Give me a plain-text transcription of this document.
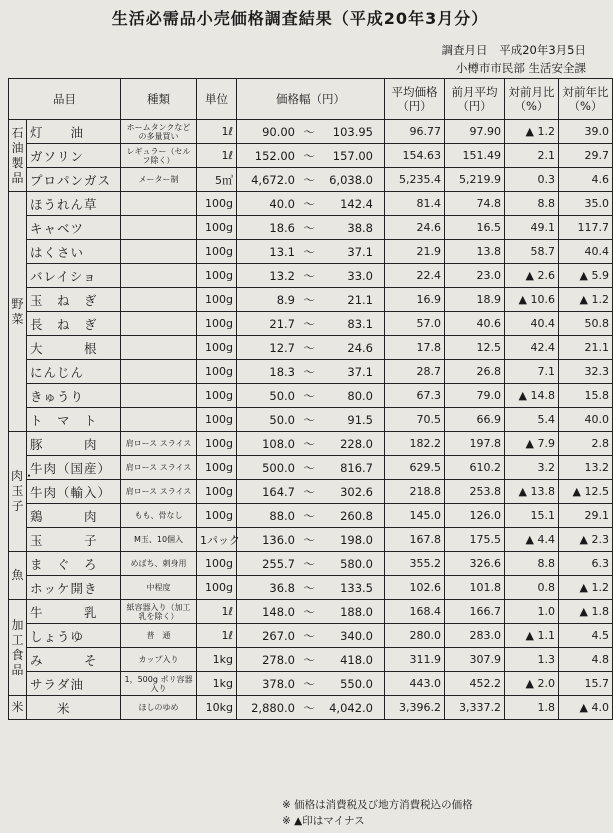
生活必需品小売価格調査結果（平成20年3月分）
調査月日 平成20年3月5日
小樽市市民部 生活安全課
品目		種類	単位	価格幅（円）	平均価格（円）	前月平均（円）	対前月比（%）	対前年比（%）
石油製品	灯　　油	ホームタンクなどの多量買い	1ℓ	90.00 ～ 103.95	96.77	97.90	▲ 1.2	39.0
	ガソリン	レギュラー（セルフ除く）	1ℓ	152.00 ～ 157.00	154.63	151.49	2.1	29.7
	プロパンガス	メーター制	5㎥	4,672.0 ～ 6,038.0	5,235.4	5,219.9	0.3	4.6
野菜	ほうれん草		100g	40.0 ～ 142.4	81.4	74.8	8.8	35.0
	キャベツ		100g	18.6 ～ 38.8	24.6	16.5	49.1	117.7
	はくさい		100g	13.1 ～ 37.1	21.9	13.8	58.7	40.4
	バレイショ		100g	13.2 ～ 33.0	22.4	23.0	▲ 2.6	▲ 5.9
	玉　ね　ぎ		100g	8.9 ～ 21.1	16.9	18.9	▲ 10.6	▲ 1.2
	長　ね　ぎ		100g	21.7 ～ 83.1	57.0	40.6	40.4	50.8
	大　　　根		100g	12.7 ～ 24.6	17.8	12.5	42.4	21.1
	にんじん		100g	18.3 ～ 37.1	28.7	26.8	7.1	32.3
	きゅうり		100g	50.0 ～ 80.0	67.3	79.0	▲ 14.8	15.8
	ト　マ　ト		100g	50.0 ～ 91.5	70.5	66.9	5.4	40.0
肉・玉子	豚　　　肉	肩ロース スライス	100g	108.0 ～ 228.0	182.2	197.8	▲ 7.9	2.8
	牛肉（国産）	肩ロース スライス	100g	500.0 ～ 816.7	629.5	610.2	3.2	13.2
	牛肉（輸入）	肩ロース スライス	100g	164.7 ～ 302.6	218.8	253.8	▲ 13.8	▲ 12.5
	鶏　　　肉	もも、骨なし	100g	88.0 ～ 260.8	145.0	126.0	15.1	29.1
	玉　　　子	M玉、10個入	1パック	136.0 ～ 198.0	167.8	175.5	▲ 4.4	▲ 2.3
魚	ま　ぐ　ろ	めばち、刺身用	100g	255.7 ～ 580.0	355.2	326.6	8.8	6.3
	ホッケ開き	中程度	100g	36.8 ～ 133.5	102.6	101.8	0.8	▲ 1.2
加工食品	牛　　　乳	紙容器入り（加工乳を除く）	1ℓ	148.0 ～ 188.0	168.4	166.7	1.0	▲ 1.8
	しょうゆ	普　通	1ℓ	267.0 ～ 340.0	280.0	283.0	▲ 1.1	4.5
	み　　　そ	カップ入り	1kg	278.0 ～ 418.0	311.9	307.9	1.3	4.8
	サラダ油	1，500g ポリ容器入り	1kg	378.0 ～ 550.0	443.0	452.2	▲ 2.0	15.7
米	　　米	ほしのゆめ	10kg	2,880.0 ～ 4,042.0	3,396.2	3,337.2	1.8	▲ 4.0
※ 価格は消費税及び地方消費税込の価格
※ ▲印はマイナス
